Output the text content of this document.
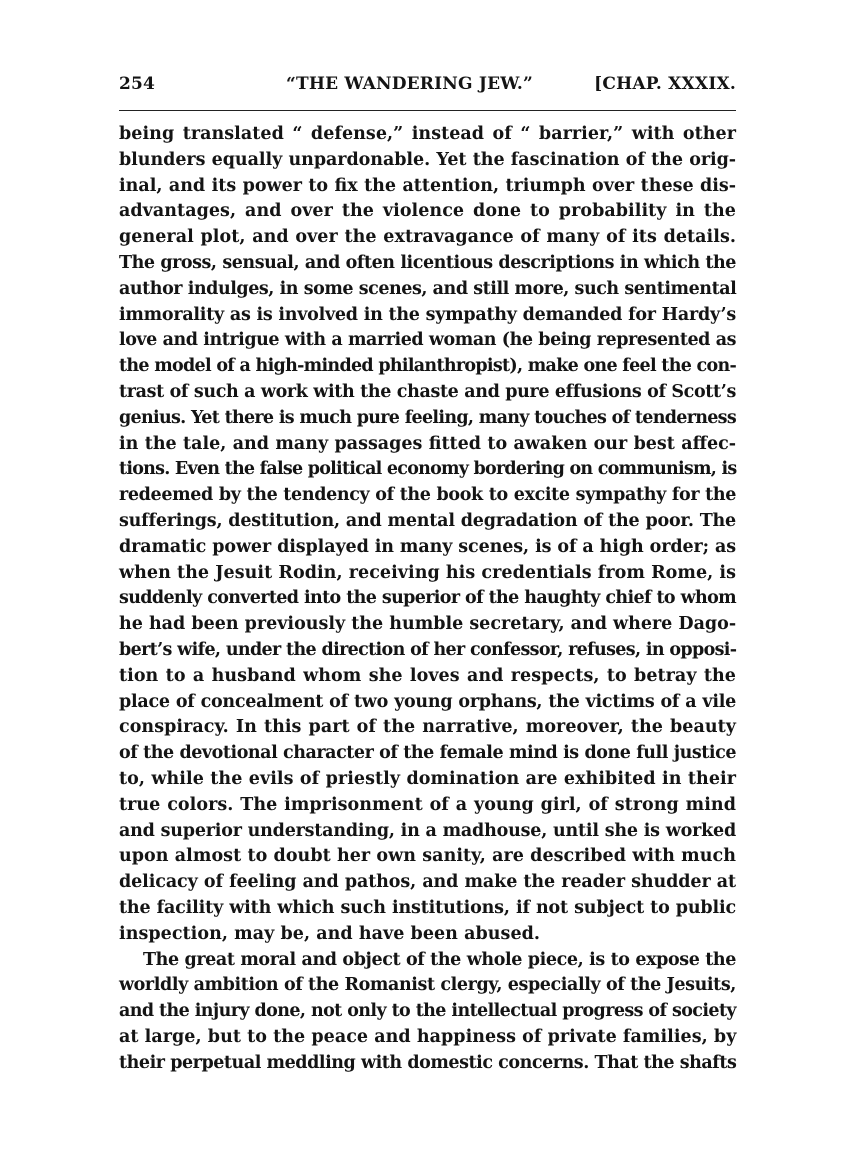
254	“THE WANDERING JEW.”	[CHAP. XXXIX.
being translated “ defense,” instead of “ barrier,” with other
blunders equally unpardonable. Yet the fascination of the orig-
inal, and its power to fix the attention, triumph over these dis-
advantages, and over the violence done to probability in the
general plot, and over the extravagance of many of its details.
The gross, sensual, and often licentious descriptions in which the
author indulges, in some scenes, and still more, such sentimental
immorality as is involved in the sympathy demanded for Hardy’s
love and intrigue with a married woman (he being represented as
the model of a high-minded philanthropist), make one feel the con-
trast of such a work with the chaste and pure effusions of Scott’s
genius. Yet there is much pure feeling, many touches of tenderness
in the tale, and many passages fitted to awaken our best affec-
tions. Even the false political economy bordering on communism, is
redeemed by the tendency of the book to excite sympathy for the
sufferings, destitution, and mental degradation of the poor. The
dramatic power displayed in many scenes, is of a high order; as
when the Jesuit Rodin, receiving his credentials from Rome, is
suddenly converted into the superior of the haughty chief to whom
he had been previously the humble secretary, and where Dago-
bert’s wife, under the direction of her confessor, refuses, in opposi-
tion to a husband whom she loves and respects, to betray the
place of concealment of two young orphans, the victims of a vile
conspiracy. In this part of the narrative, moreover, the beauty
of the devotional character of the female mind is done full justice
to, while the evils of priestly domination are exhibited in their
true colors. The imprisonment of a young girl, of strong mind
and superior understanding, in a madhouse, until she is worked
upon almost to doubt her own sanity, are described with much
delicacy of feeling and pathos, and make the reader shudder at
the facility with which such institutions, if not subject to public
inspection, may be, and have been abused.
The great moral and object of the whole piece, is to expose the
worldly ambition of the Romanist clergy, especially of the Jesuits,
and the injury done, not only to the intellectual progress of society
at large, but to the peace and happiness of private families, by
their perpetual meddling with domestic concerns. That the shafts
